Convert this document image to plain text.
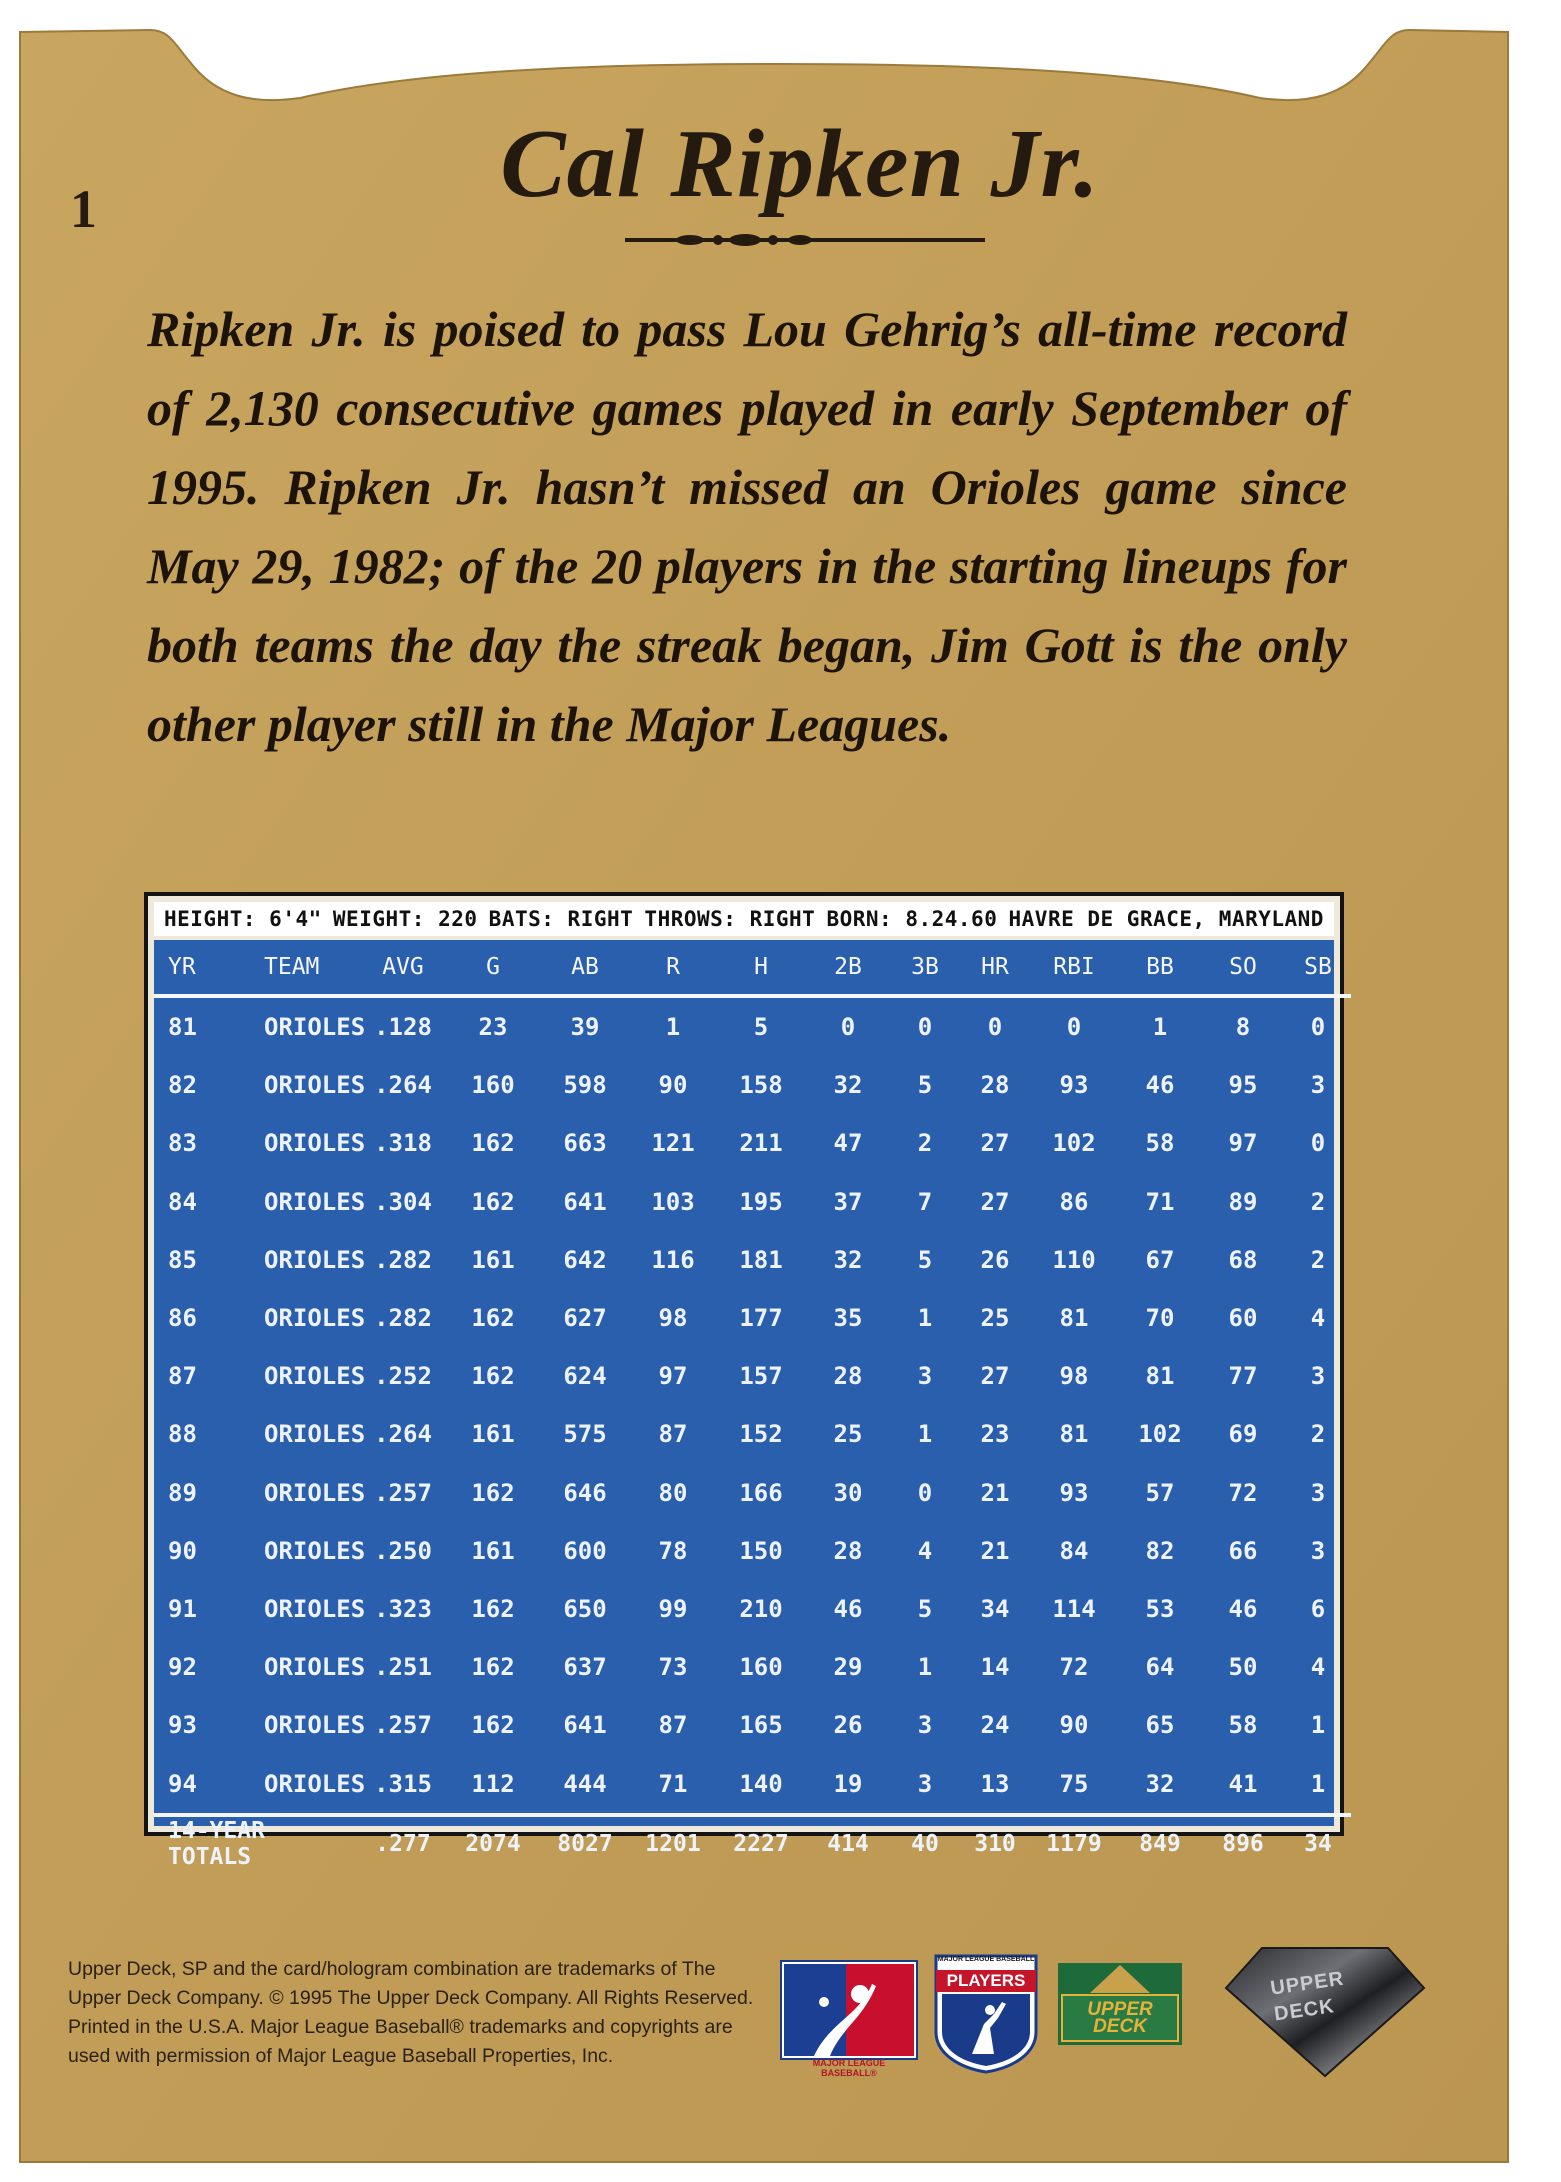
1	Cal Ripken Jr.
Ripken Jr. is poised to pass Lou Gehrig’s all-time record of 2,130 consecutive games played in early September of 1995. Ripken Jr. hasn’t missed an Orioles game since May 29, 1982; of the 20 players in the starting lineups for both teams the day the streak began, Jim Gott is the only other player still in the Major Leagues.
HEIGHT: 6'4" WEIGHT: 220 BATS: RIGHT THROWS: RIGHT BORN: 8.24.60 HAVRE DE GRACE, MARYLAND
YR	TEAM	AVG	G	AB	R	H	2B	3B	HR	RBI	BB	SO	SB
81	ORIOLES	.128	23	39	1	5	0	0	0	0	1	8	0
82	ORIOLES	.264	160	598	90	158	32	5	28	93	46	95	3
83	ORIOLES	.318	162	663	121	211	47	2	27	102	58	97	0
84	ORIOLES	.304	162	641	103	195	37	7	27	86	71	89	2
85	ORIOLES	.282	161	642	116	181	32	5	26	110	67	68	2
86	ORIOLES	.282	162	627	98	177	35	1	25	81	70	60	4
87	ORIOLES	.252	162	624	97	157	28	3	27	98	81	77	3
88	ORIOLES	.264	161	575	87	152	25	1	23	81	102	69	2
89	ORIOLES	.257	162	646	80	166	30	0	21	93	57	72	3
90	ORIOLES	.250	161	600	78	150	28	4	21	84	82	66	3
91	ORIOLES	.323	162	650	99	210	46	5	34	114	53	46	6
92	ORIOLES	.251	162	637	73	160	29	1	14	72	64	50	4
93	ORIOLES	.257	162	641	87	165	26	3	24	90	65	58	1
94	ORIOLES	.315	112	444	71	140	19	3	13	75	32	41	1
14-YEAR TOTALS		.277	2074	8027	1201	2227	414	40	310	1179	849	896	34
Upper Deck, SP and the card/hologram combination are trademarks of The
Upper Deck Company. © 1995 The Upper Deck Company. All Rights Reserved.
Printed in the U.S.A. Major League Baseball® trademarks and copyrights are
used with permission of Major League Baseball Properties, Inc.	MAJOR LEAGUE BASEBALL®
MAJOR LEAGUE BASEBALL
PLAYERS
UPPER DECK
UPPER DECK
